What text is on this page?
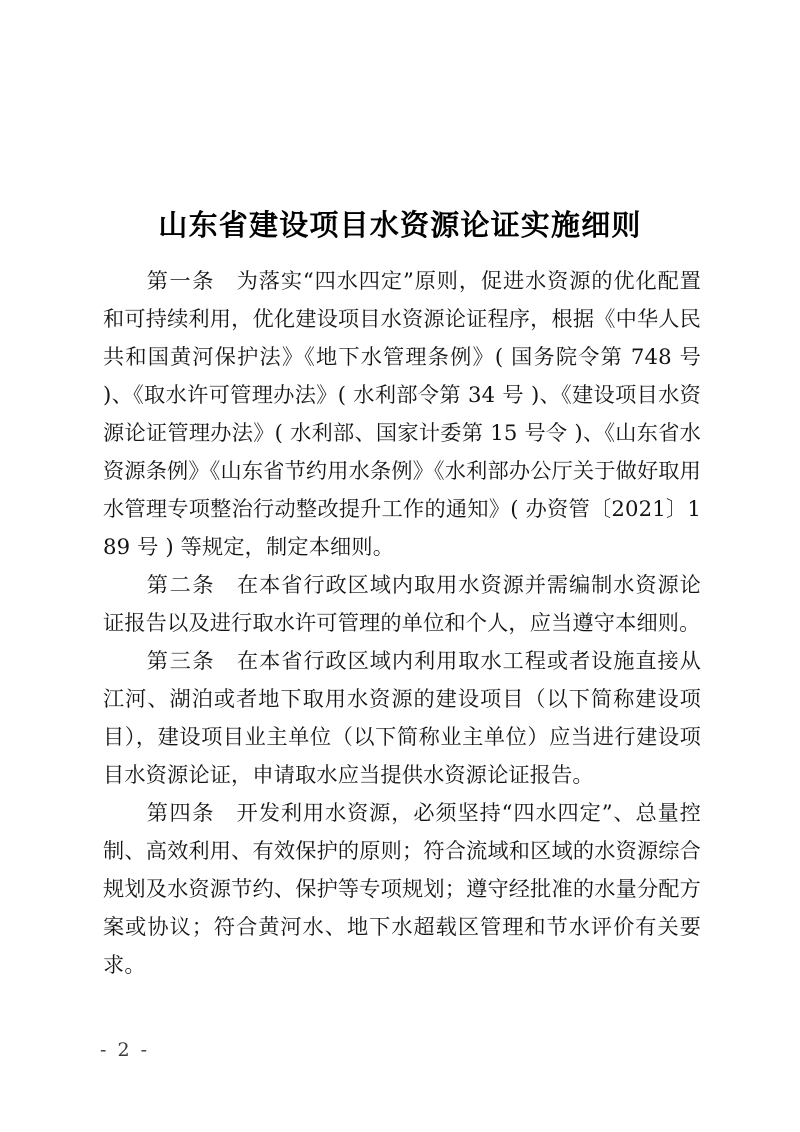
山东省建设项目水资源论证实施细则

第一条 为落实“四水四定”原则，促进水资源的优化配置和可持续利用，优化建设项目水资源论证程序，根据《中华人民共和国黄河保护法》《地下水管理条例》( 国务院令第 748 号 )、《取水许可管理办法》( 水利部令第 34 号 )、《建设项目水资源论证管理办法》( 水利部、国家计委第 15 号令 )、《山东省水资源条例》《山东省节约用水条例》《水利部办公厅关于做好取用水管理专项整治行动整改提升工作的通知》( 办资管〔2021〕189 号 ) 等规定，制定本细则。

第二条 在本省行政区域内取用水资源并需编制水资源论证报告以及进行取水许可管理的单位和个人，应当遵守本细则。

第三条 在本省行政区域内利用取水工程或者设施直接从江河、湖泊或者地下取用水资源的建设项目（以下简称建设项目），建设项目业主单位（以下简称业主单位）应当进行建设项目水资源论证，申请取水应当提供水资源论证报告。

第四条 开发利用水资源，必须坚持“四水四定”、总量控制、高效利用、有效保护的原则；符合流域和区域的水资源综合规划及水资源节约、保护等专项规划；遵守经批准的水量分配方案或协议；符合黄河水、地下水超载区管理和节水评价有关要求。

- 2 -
